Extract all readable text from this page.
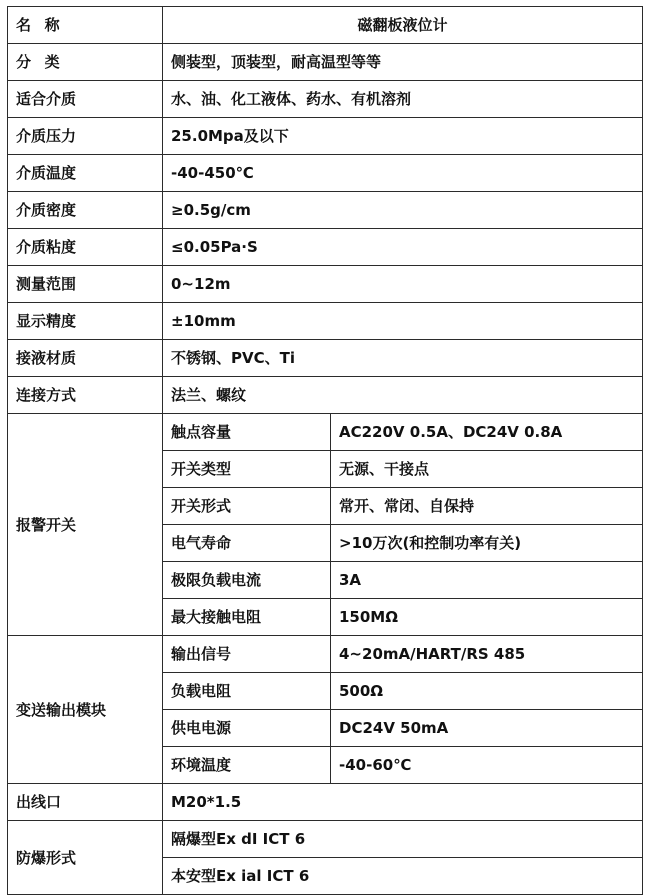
名 称	磁翻板液位计	
分 类	侧装型，顶装型，耐高温型等等	
适合介质	水、油、化工液体、药水、有机溶剂	
介质压力	25.0Mpa及以下	
介质温度	-40-450℃	
介质密度	≥0.5g/cm	
介质粘度	≤0.05Pa·S	
测量范围	0~12m	
显示精度	±10mm	
接液材质	不锈钢、PVC、Ti	
连接方式	法兰、螺纹	
报警开关	触点容量	AC220V 0.5A、DC24V 0.8A
	开关类型	无源、干接点
	开关形式	常开、常闭、自保持
	电气寿命	>10万次(和控制功率有关)
	极限负载电流	3A
	最大接触电阻	150MΩ
变送输出模块	输出信号	4~20mA/HART/RS 485
	负载电阻	500Ω
	供电电源	DC24V 50mA
	环境温度	-40-60℃
出线口	M20*1.5	
防爆形式	隔爆型Ex dI ICT 6	
	本安型Ex ial ICT 6	
